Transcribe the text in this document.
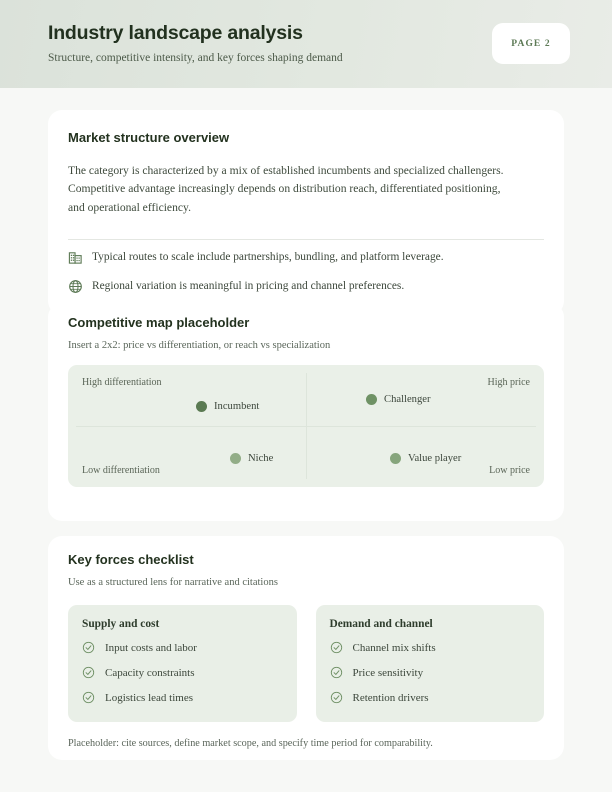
Industry landscape analysis
Structure, competitive intensity, and key forces shaping demand
PAGE 2
Market structure overview
The category is characterized by a mix of established incumbents and specialized challengers. Competitive advantage increasingly depends on distribution reach, differentiated positioning, and operational efficiency.
Typical routes to scale include partnerships, bundling, and platform leverage.
Regional variation is meaningful in pricing and channel preferences.
Competitive map placeholder
Insert a 2x2: price vs differentiation, or reach vs specialization
High differentiation	High price
Low differentiation	Low price
Incumbent
Challenger
Niche	Value player
Key forces checklist
Use as a structured lens for narrative and citations
Supply and cost
Input costs and labor
Capacity constraints
Logistics lead times
Demand and channel
Channel mix shifts
Price sensitivity
Retention drivers
Placeholder: cite sources, define market scope, and specify time period for comparability.
